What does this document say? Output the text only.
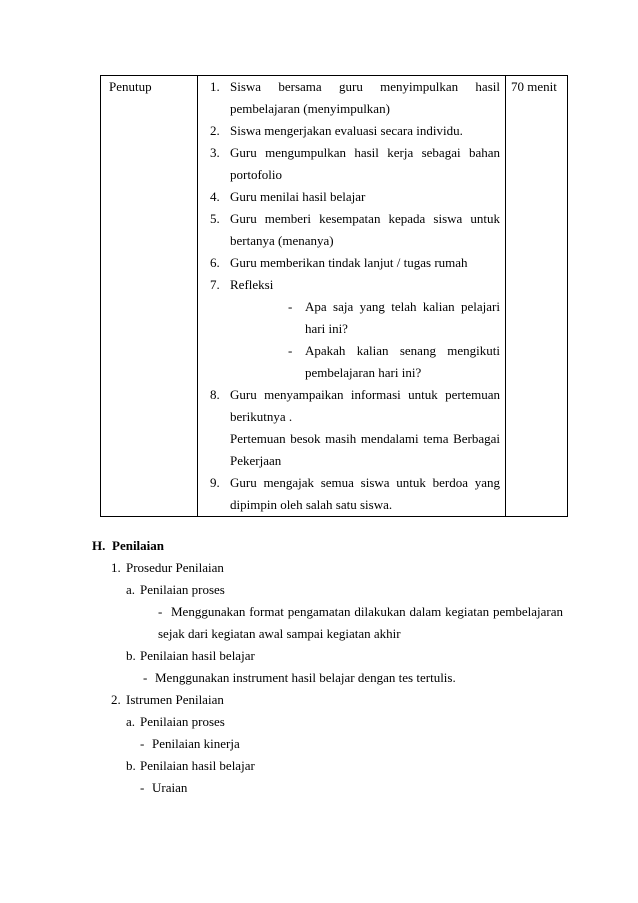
Penutup	70 menit
1. Siswa bersama guru menyimpulkan hasil
pembelajaran (menyimpulkan)
2. Siswa mengerjakan evaluasi secara individu.
3. Guru mengumpulkan hasil kerja sebagai bahan
portofolio
4. Guru menilai hasil belajar
5. Guru memberi kesempatan kepada siswa untuk
bertanya (menanya)
6. Guru memberikan tindak lanjut / tugas rumah
7. Refleksi
- Apa saja yang telah kalian pelajari
hari ini?
- Apakah kalian senang mengikuti
pembelajaran hari ini?
8. Guru menyampaikan informasi untuk pertemuan
berikutnya .
Pertemuan besok masih mendalami tema Berbagai
Pekerjaan
9. Guru mengajak semua siswa untuk berdoa yang
dipimpin oleh salah satu siswa.
H. Penilaian
1. Prosedur Penilaian
a. Penilaian proses
- Menggunakan format pengamatan dilakukan dalam kegiatan pembelajaran
sejak dari kegiatan awal sampai kegiatan akhir
b. Penilaian hasil belajar
- Menggunakan instrument hasil belajar dengan tes tertulis.
2. Istrumen Penilaian
a. Penilaian proses
- Penilaian kinerja
b. Penilaian hasil belajar
- Uraian
